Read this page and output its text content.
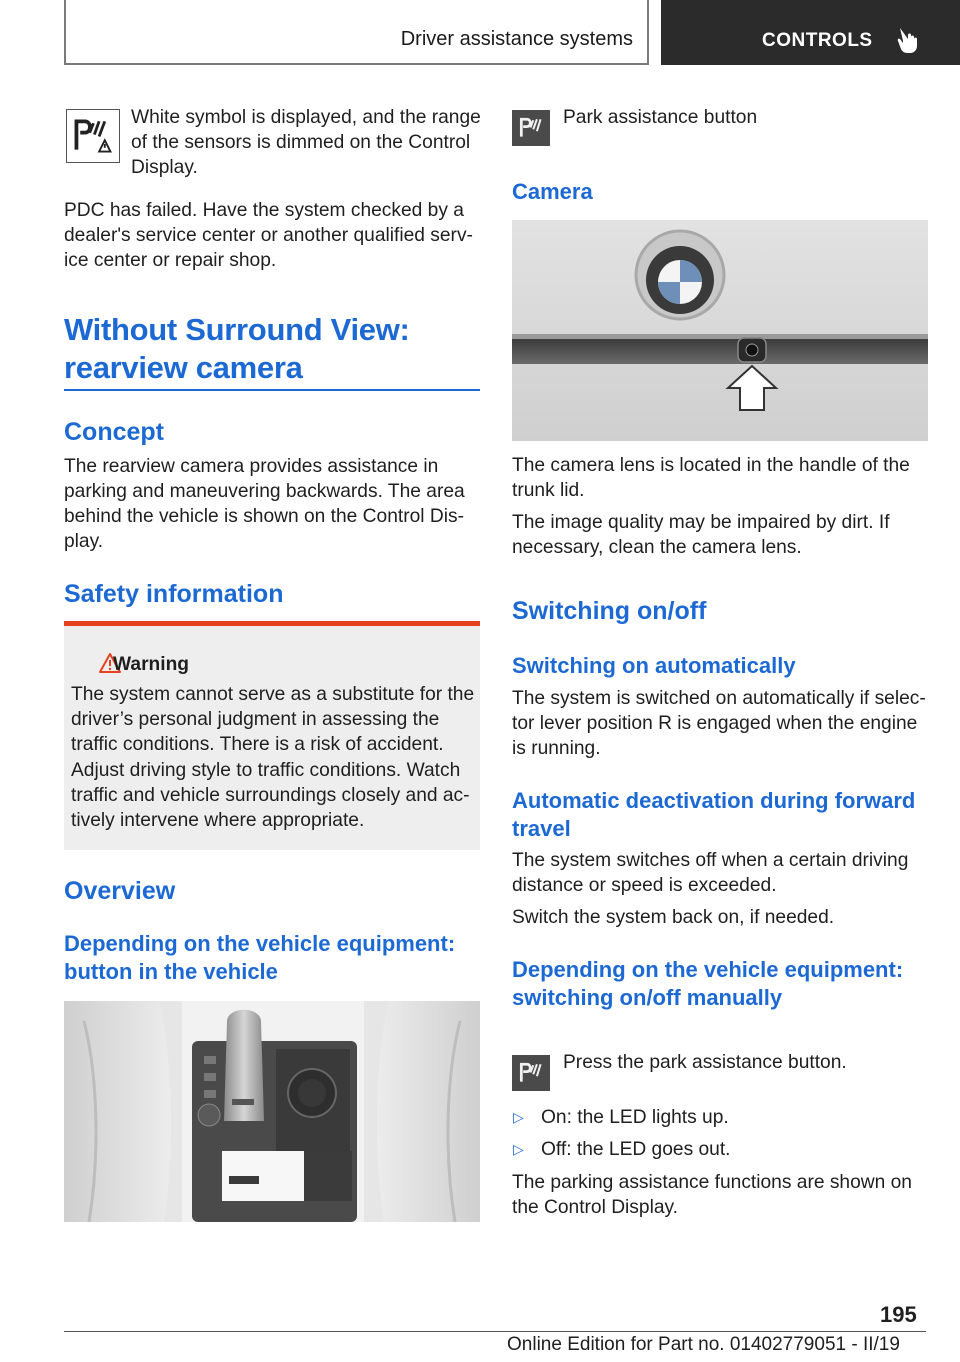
Driver assistance systems	CONTROLS
White symbol is displayed, and the range of the sensors is dimmed on the Control Display.
PDC has failed. Have the system checked by a dealer's service center or another qualified serv-ice center or repair shop.
Without Surround View: rearview camera
Concept
The rearview camera provides assistance in parking and maneuvering backwards. The area behind the vehicle is shown on the Control Dis-play.
Safety information
Warning
The system cannot serve as a substitute for the driver’s personal judgment in assessing the traffic conditions. There is a risk of accident. Adjust driving style to traffic conditions. Watch traffic and vehicle surroundings closely and ac-tively intervene where appropriate.
Overview
Depending on the vehicle equipment: button in the vehicle
Park assistance button
Camera
The camera lens is located in the handle of the trunk lid.
The image quality may be impaired by dirt. If necessary, clean the camera lens.
Switching on/off
Switching on automatically
The system is switched on automatically if selec-tor lever position R is engaged when the engine is running.
Automatic deactivation during forward travel
The system switches off when a certain driving distance or speed is exceeded.
Switch the system back on, if needed.
Depending on the vehicle equipment: switching on/off manually
Press the park assistance button.
▷ On: the LED lights up.
▷ Off: the LED goes out.
The parking assistance functions are shown on the Control Display.
195
Online Edition for Part no. 01402779051 - II/19
